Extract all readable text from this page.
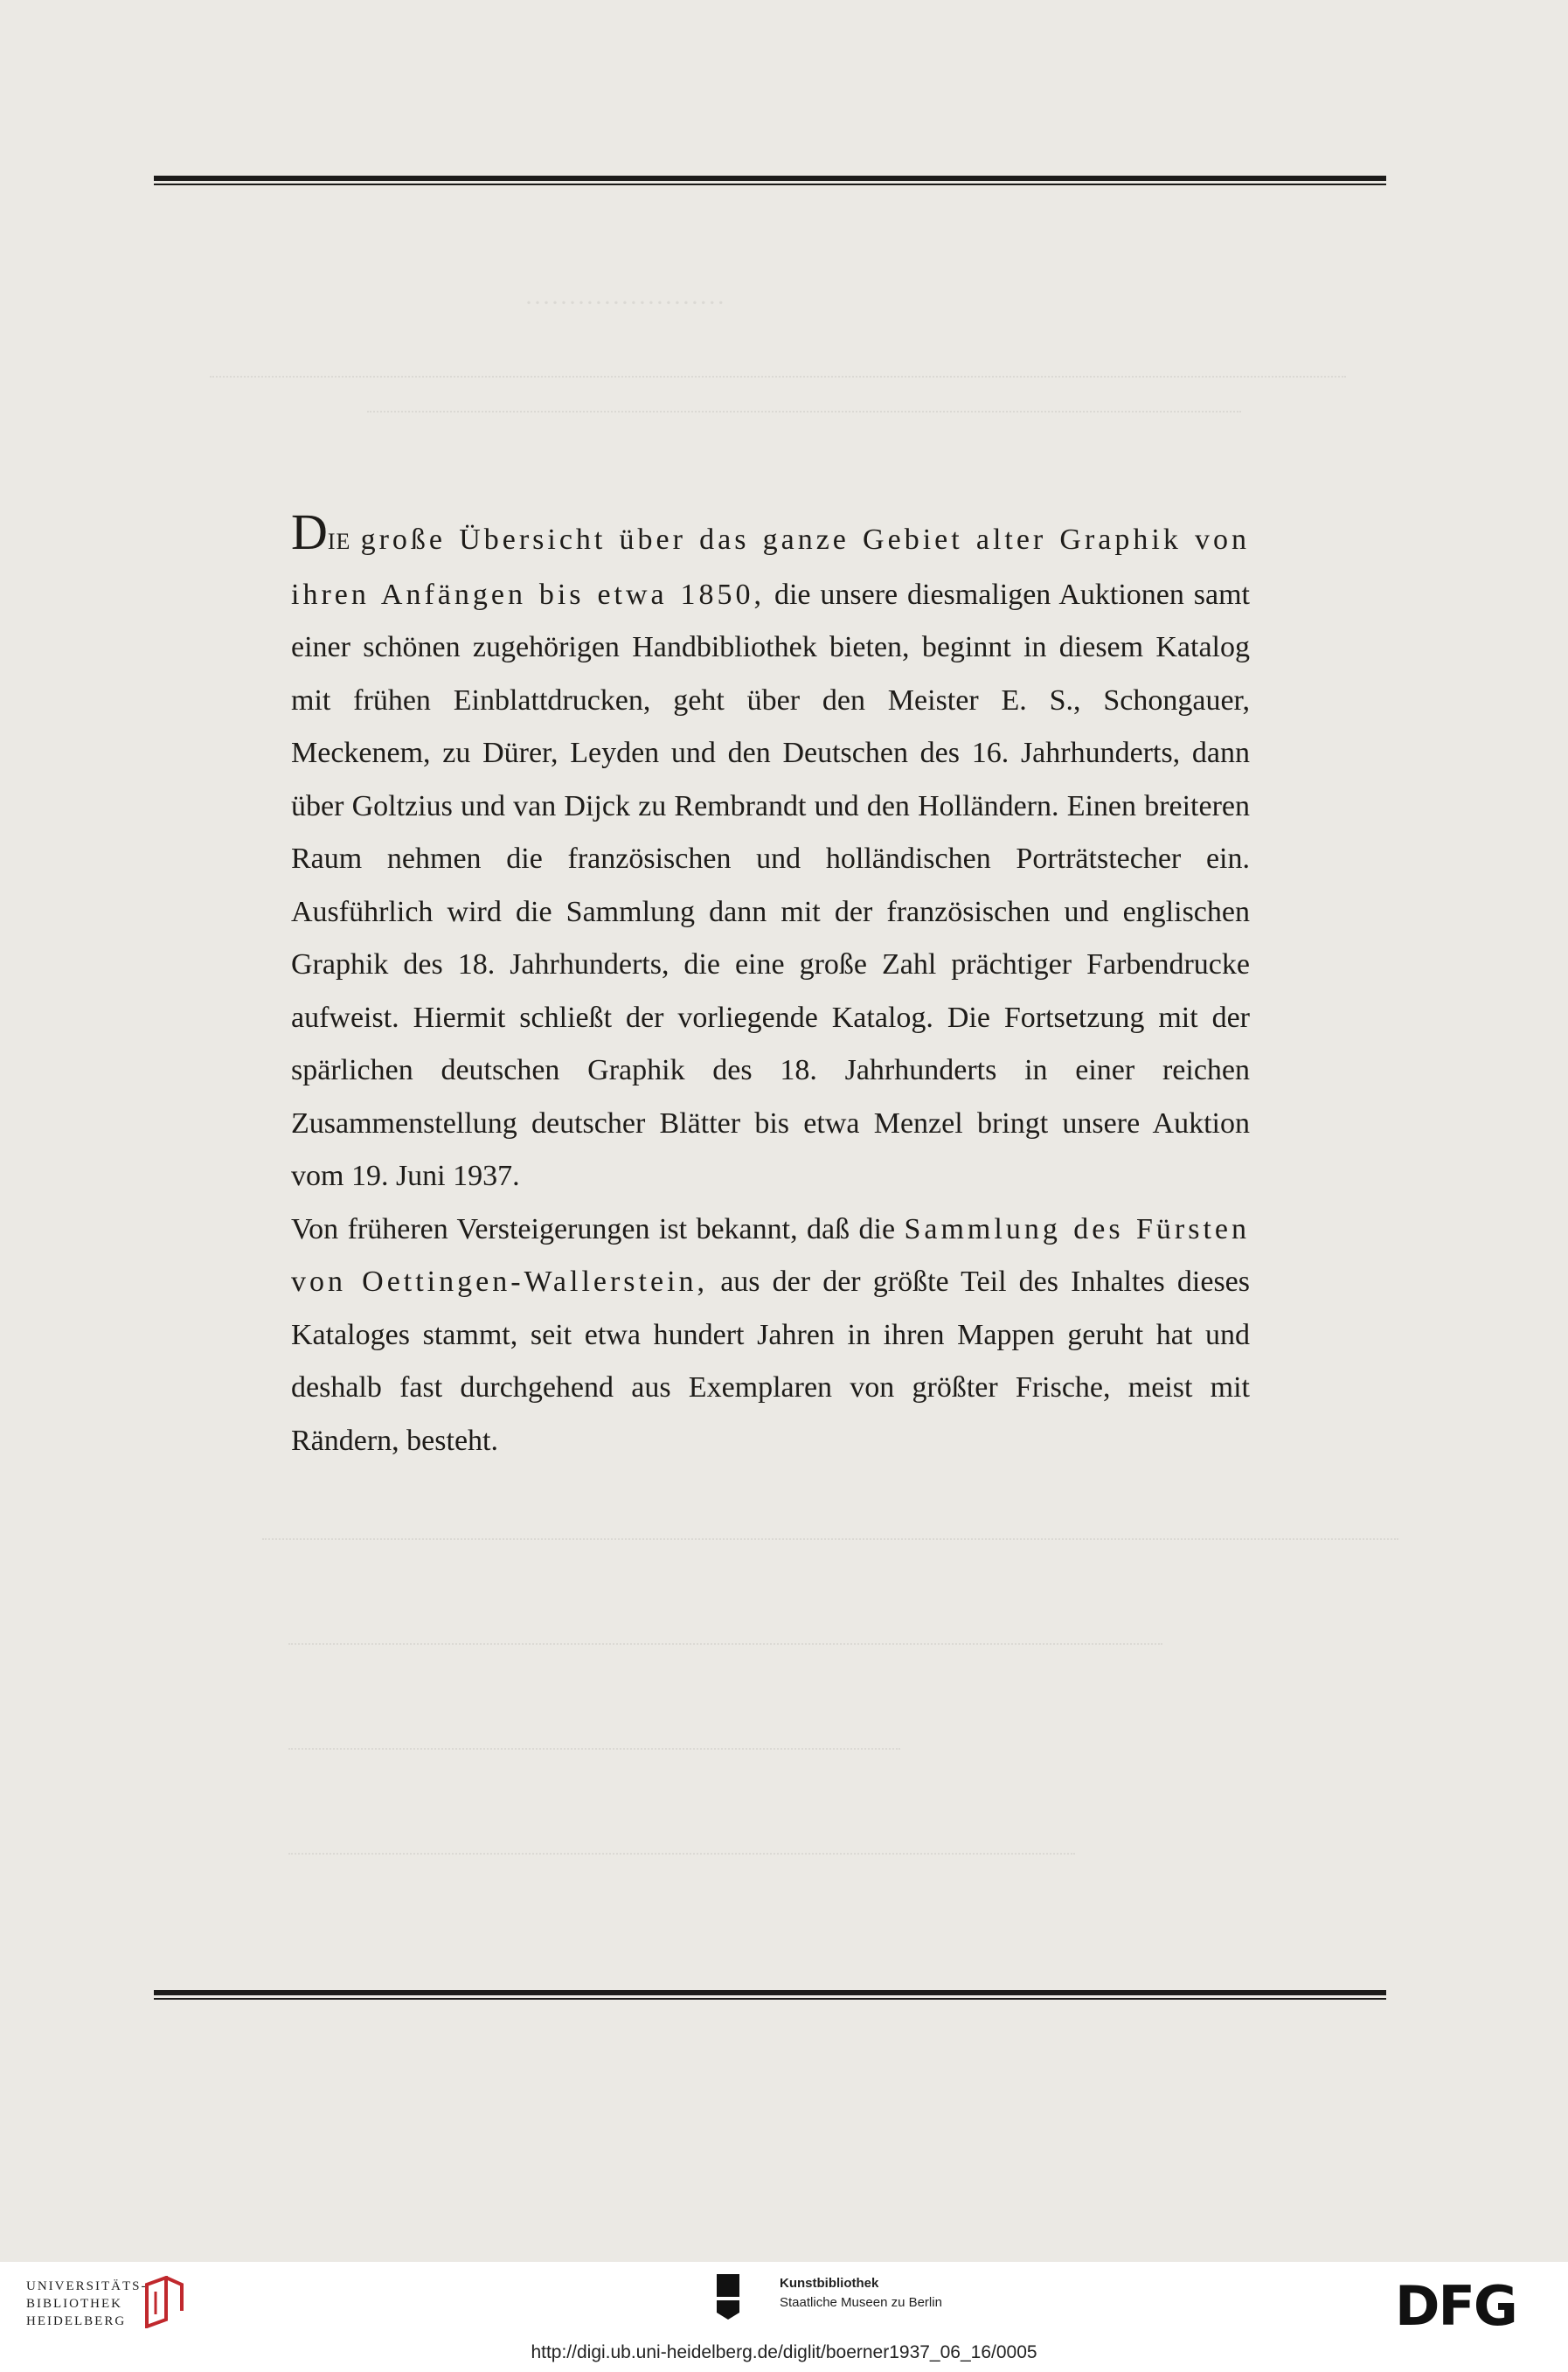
·······················

DIE große Übersicht über das ganze Gebiet alter Graphik von ihren Anfängen bis etwa 1850, die unsere diesmaligen Auktionen samt einer schönen zugehörigen Handbibliothek bieten, beginnt in diesem Katalog mit frühen Einblattdrucken, geht über den Meister E. S., Schongauer, Meckenem, zu Dürer, Leyden und den Deutschen des 16. Jahrhunderts, dann über Goltzius und van Dijck zu Rembrandt und den Holländern. Einen breiteren Raum nehmen die französischen und holländischen Porträtstecher ein. Ausführlich wird die Sammlung dann mit der französischen und englischen Graphik des 18. Jahrhunderts, die eine große Zahl prächtiger Farbendrucke aufweist. Hiermit schließt der vorliegende Katalog. Die Fortsetzung mit der spärlichen deutschen Graphik des 18. Jahrhunderts in einer reichen Zusammenstellung deutscher Blätter bis etwa Menzel bringt unsere Auktion vom 19. Juni 1937.

Von früheren Versteigerungen ist bekannt, daß die Sammlung des Fürsten von Oettingen-Wallerstein, aus der der größte Teil des Inhaltes dieses Kataloges stammt, seit etwa hundert Jahren in ihren Mappen geruht hat und deshalb fast durchgehend aus Exemplaren von größter Frische, meist mit Rändern, besteht.

UNIVERSITÄTS-
BIBLIOTHEK
HEIDELBERG
Kunstbibliothek
Staatliche Museen zu Berlin	DFG
http://digi.ub.uni-heidelberg.de/diglit/boerner1937_06_16/0005
